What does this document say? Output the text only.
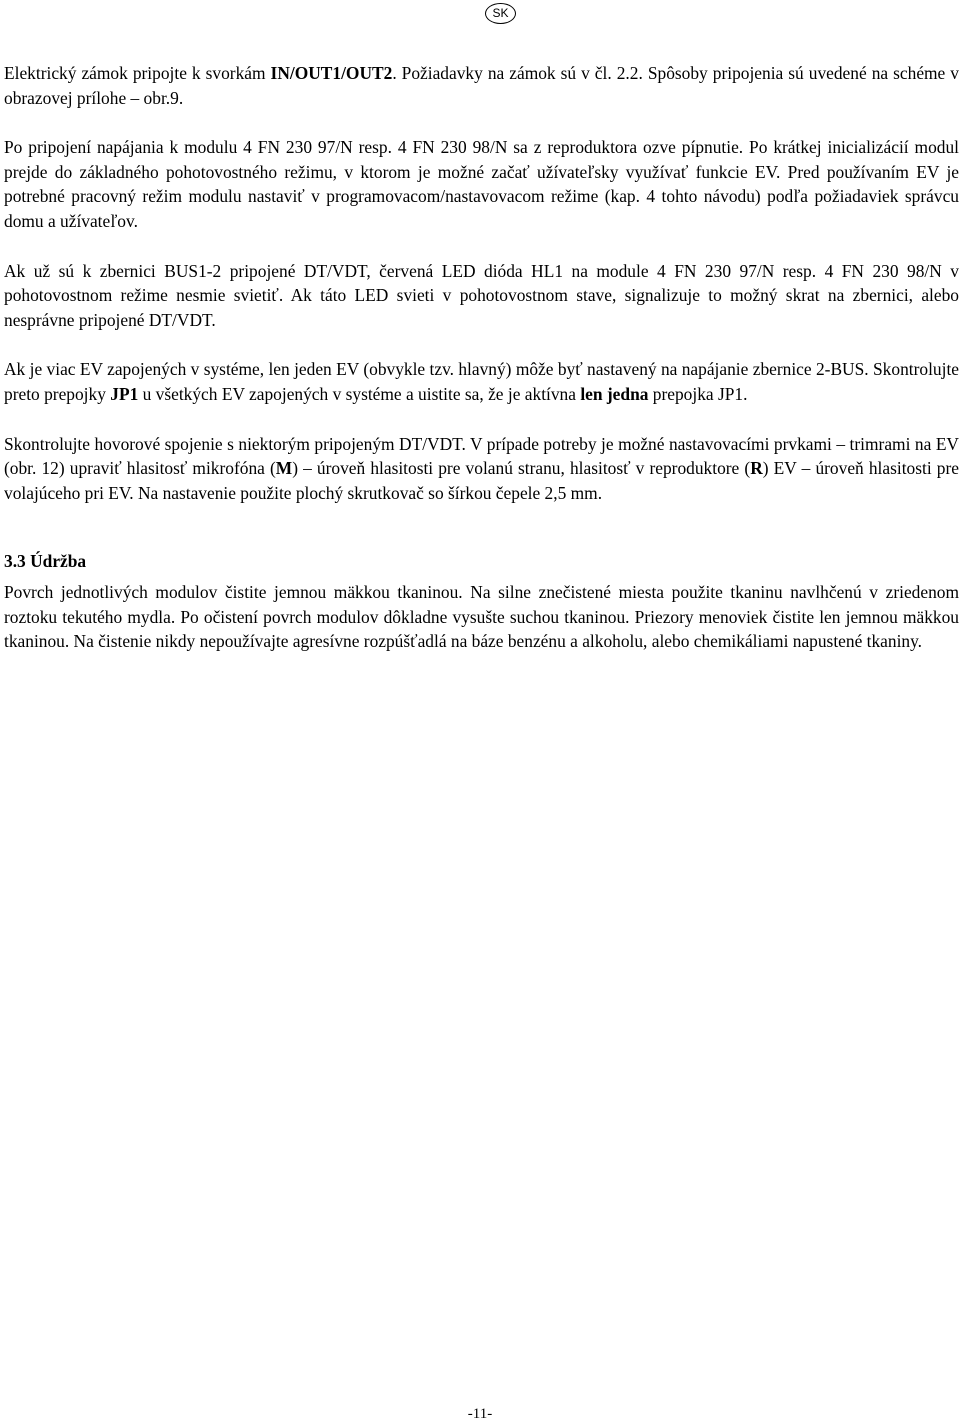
SK

Elektrický zámok pripojte k svorkám IN/OUT1/OUT2. Požiadavky na zámok sú v čl. 2.2. Spôsoby pripojenia sú uvedené na schéme v obrazovej prílohe – obr.9.

Po pripojení napájania k modulu 4 FN 230 97/N resp. 4 FN 230 98/N sa z reproduktora ozve pípnutie. Po krátkej inicializácií modul prejde do základného pohotovostného režimu, v ktorom je možné začať užívateľsky využívať funkcie EV. Pred používaním EV je potrebné pracovný režim modulu nastaviť v programovacom/nastavovacom režime (kap. 4 tohto návodu) podľa požiadaviek správcu domu a užívateľov.

Ak už sú k zbernici BUS1-2 pripojené DT/VDT, červená LED dióda HL1 na module 4 FN 230 97/N resp. 4 FN 230 98/N v pohotovostnom režime nesmie svietiť. Ak táto LED svieti v pohotovostnom stave, signalizuje to možný skrat na zbernici, alebo nesprávne pripojené DT/VDT.

Ak je viac EV zapojených v systéme, len jeden EV (obvykle tzv. hlavný) môže byť nastavený na napájanie zbernice 2-BUS. Skontrolujte preto prepojky JP1 u všetkých EV zapojených v systéme a uistite sa, že je aktívna len jedna prepojka JP1.

Skontrolujte hovorové spojenie s niektorým pripojeným DT/VDT. V prípade potreby je možné nastavovacími prvkami – trimrami na EV (obr. 12) upraviť hlasitosť mikrofóna (M) – úroveň hlasitosti pre volanú stranu, hlasitosť v reproduktore (R) EV – úroveň hlasitosti pre volajúceho pri EV. Na nastavenie použite plochý skrutkovač so šírkou čepele 2,5 mm.

3.3 Údržba

Povrch jednotlivých modulov čistite jemnou mäkkou tkaninou. Na silne znečistené miesta použite tkaninu navlhčenú v zriedenom roztoku tekutého mydla. Po očistení povrch modulov dôkladne vysušte suchou tkaninou. Priezory menoviek čistite len jemnou mäkkou tkaninou. Na čistenie nikdy nepoužívajte agresívne rozpúšťadlá na báze benzénu a alkoholu, alebo chemikáliami napustené tkaniny.

-11-
